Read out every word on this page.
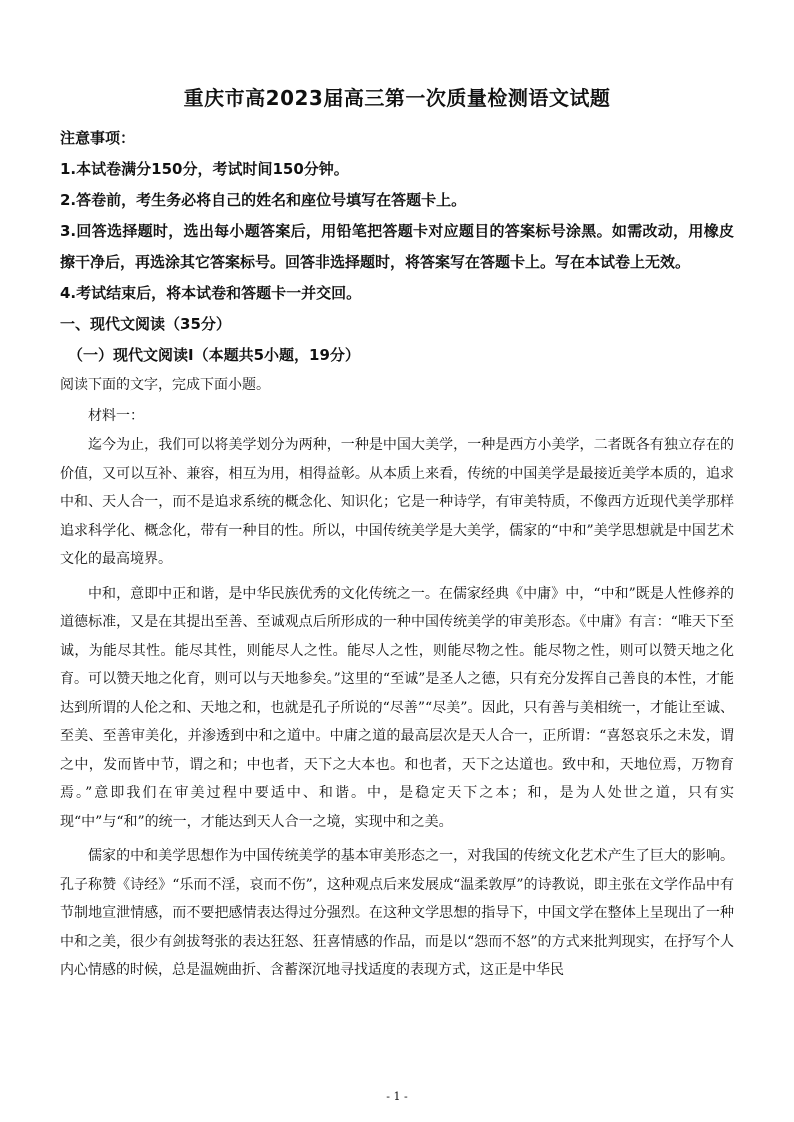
重庆市高2023届高三第一次质量检测语文试题

注意事项：

1.本试卷满分150分，考试时间150分钟。

2.答卷前，考生务必将自己的姓名和座位号填写在答题卡上。

3.回答选择题时，选出每小题答案后，用铅笔把答题卡对应题目的答案标号涂黑。如需改动，用橡皮擦干净后，再选涂其它答案标号。回答非选择题时，将答案写在答题卡上。写在本试卷上无效。

4.考试结束后，将本试卷和答题卡一并交回。

一、现代文阅读（35分）

（一）现代文阅读Ⅰ（本题共5小题，19分）

阅读下面的文字，完成下面小题。

材料一：

迄今为止，我们可以将美学划分为两种，一种是中国大美学，一种是西方小美学，二者既各有独立存在的价值，又可以互补、兼容，相互为用，相得益彰。从本质上来看，传统的中国美学是最接近美学本质的，追求中和、天人合一，而不是追求系统的概念化、知识化；它是一种诗学，有审美特质，不像西方近现代美学那样追求科学化、概念化，带有一种目的性。所以，中国传统美学是大美学，儒家的“中和”美学思想就是中国艺术文化的最高境界。

中和，意即中正和谐，是中华民族优秀的文化传统之一。在儒家经典《中庸》中，“中和”既是人性修养的道德标准，又是在其提出至善、至诚观点后所形成的一种中国传统美学的审美形态。《中庸》有言：“唯天下至诚，为能尽其性。能尽其性，则能尽人之性。能尽人之性，则能尽物之性。能尽物之性，则可以赞天地之化育。可以赞天地之化育，则可以与天地参矣。”这里的“至诚”是圣人之德，只有充分发挥自己善良的本性，才能达到所谓的人伦之和、天地之和，也就是孔子所说的“尽善”“尽美”。因此，只有善与美相统一，才能让至诚、至美、至善审美化，并渗透到中和之道中。中庸之道的最高层次是天人合一，正所谓：“喜怒哀乐之未发，谓之中，发而皆中节，谓之和；中也者，天下之大本也。和也者，天下之达道也。致中和，天地位焉，万物育焉。”意即我们在审美过程中要适中、和谐。中，是稳定天下之本；和，是为人处世之道，只有实现“中”与“和”的统一，才能达到天人合一之境，实现中和之美。

儒家的中和美学思想作为中国传统美学的基本审美形态之一，对我国的传统文化艺术产生了巨大的影响。孔子称赞《诗经》“乐而不淫，哀而不伤”，这种观点后来发展成“温柔敦厚”的诗教说，即主张在文学作品中有节制地宣泄情感，而不要把感情表达得过分强烈。在这种文学思想的指导下，中国文学在整体上呈现出了一种中和之美，很少有剑拔弩张的表达狂怒、狂喜情感的作品，而是以“怨而不怒”的方式来批判现实，在抒写个人内心情感的时候，总是温婉曲折、含蓄深沉地寻找适度的表现方式，这正是中华民

- 1 -
